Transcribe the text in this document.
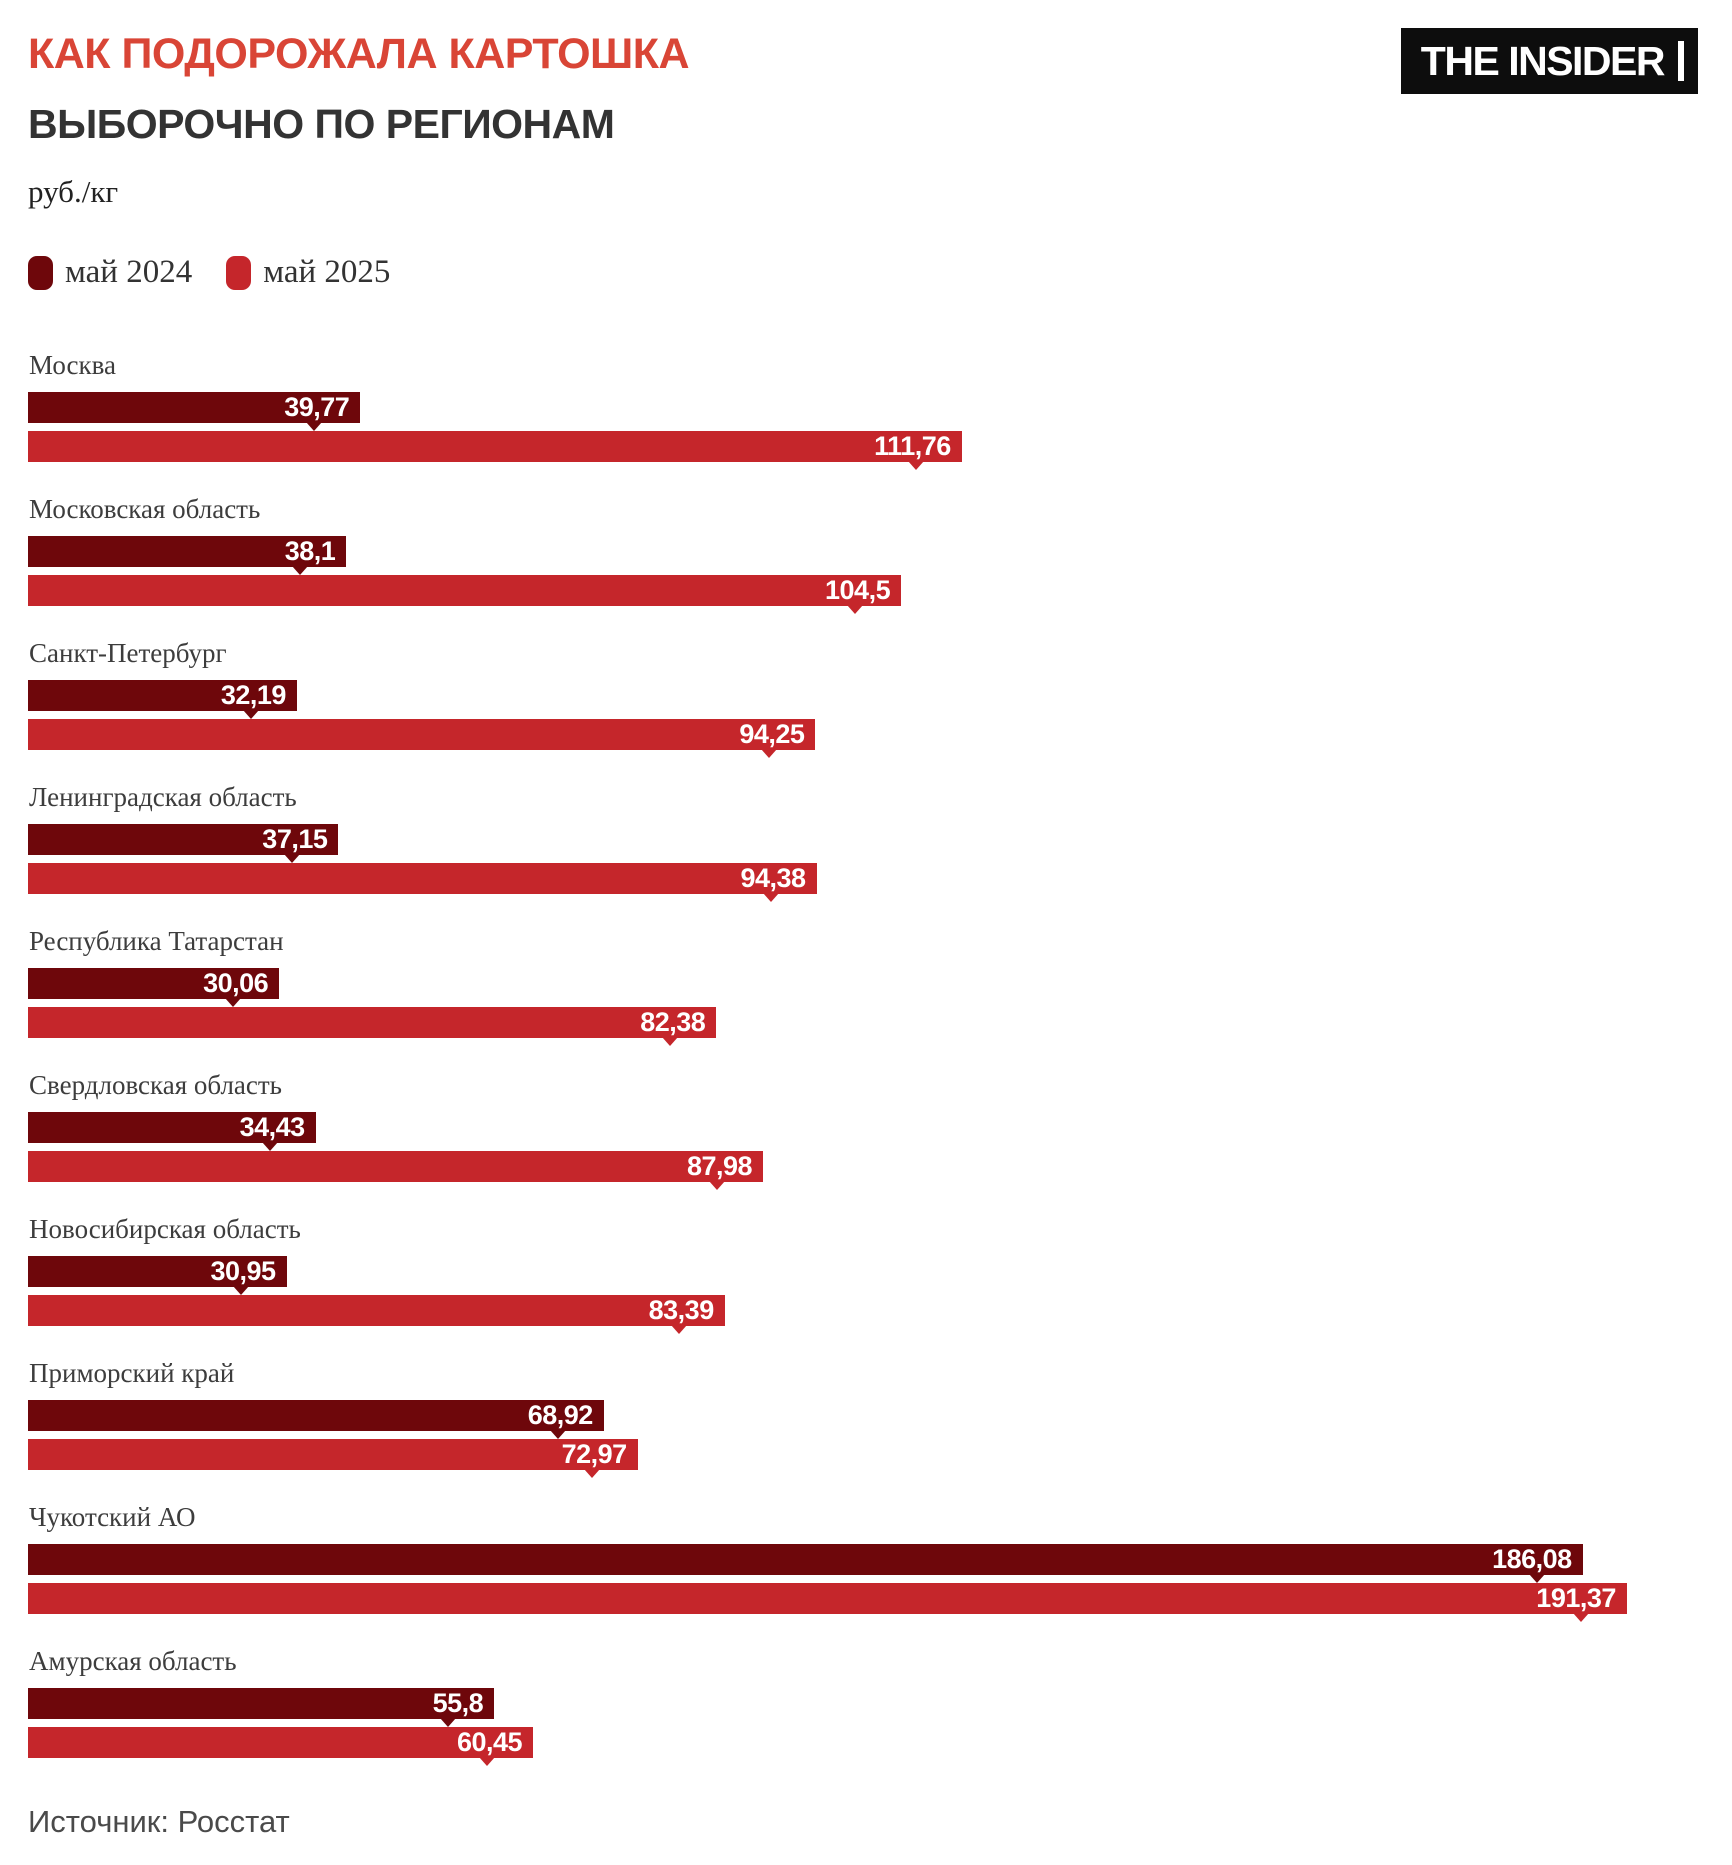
THE INSIDER
КАК ПОДОРОЖАЛА КАРТОШКА
ВЫБОРОЧНО ПО РЕГИОНАМ
руб./кг
май 2024 май 2025
Москва
39,77
111,76
Московская область
38,1
104,5
Санкт-Петербург
32,19
94,25
Ленинградская область
37,15
94,38
Республика Татарстан
30,06
82,38
Свердловская область
34,43
87,98
Новосибирская область
30,95
83,39
Приморский край
68,92
72,97
Чукотский АО
186,08
191,37
Амурская область
55,8
60,45
Источник: Росстат
